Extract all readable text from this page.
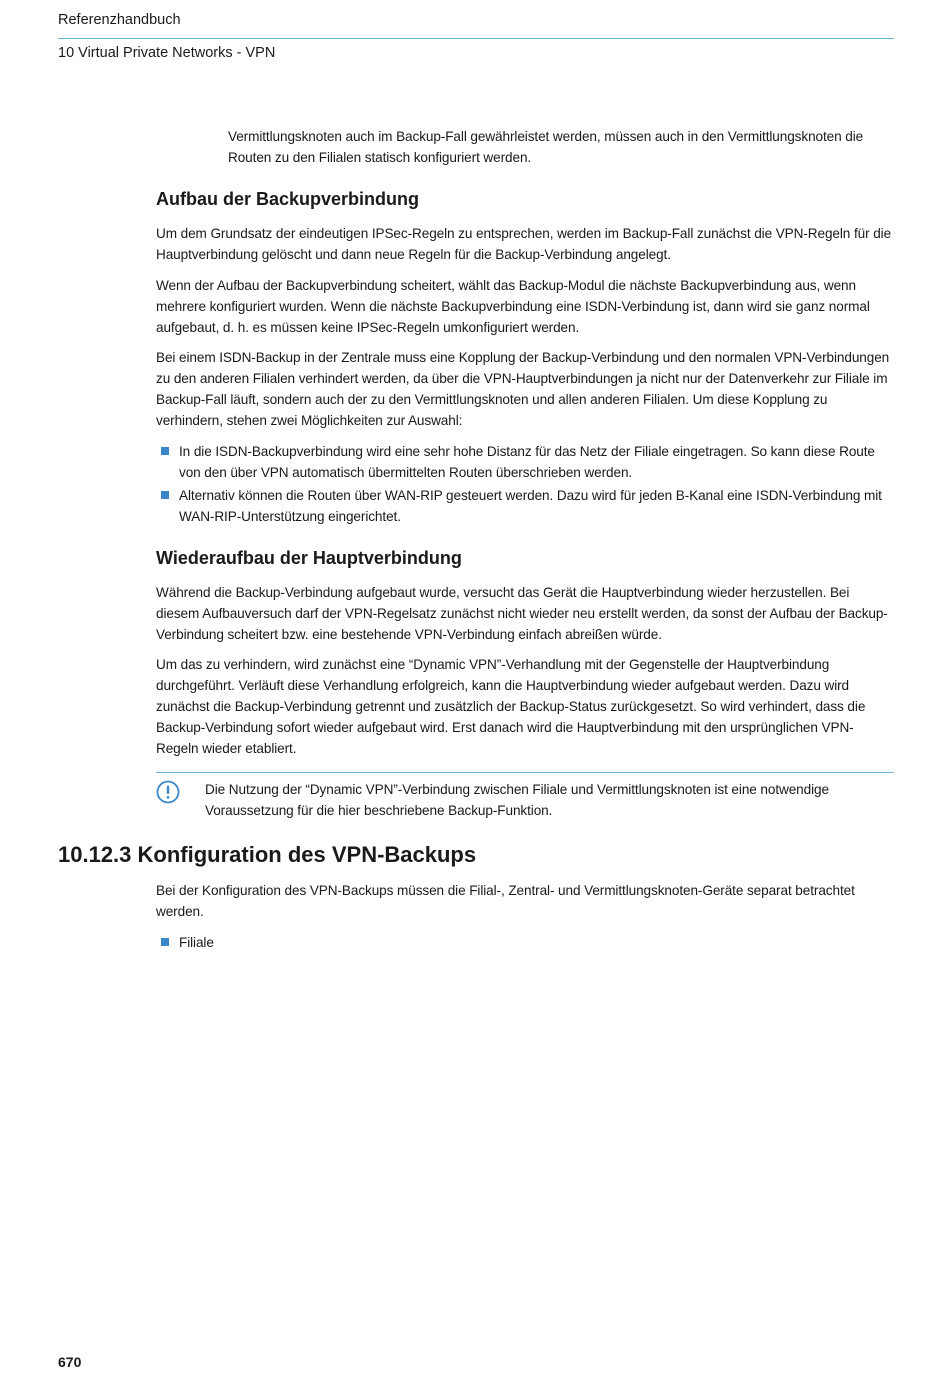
Referenzhandbuch
10 Virtual Private Networks - VPN

Vermittlungsknoten auch im Backup-Fall gewährleistet werden, müssen auch in den Vermittlungsknoten die Routen zu den Filialen statisch konfiguriert werden.

Aufbau der Backupverbindung

Um dem Grundsatz der eindeutigen IPSec-Regeln zu entsprechen, werden im Backup-Fall zunächst die VPN-Regeln für die Hauptverbindung gelöscht und dann neue Regeln für die Backup-Verbindung angelegt.

Wenn der Aufbau der Backupverbindung scheitert, wählt das Backup-Modul die nächste Backupverbindung aus, wenn mehrere konfiguriert wurden. Wenn die nächste Backupverbindung eine ISDN-Verbindung ist, dann wird sie ganz normal aufgebaut, d. h. es müssen keine IPSec-Regeln umkonfiguriert werden.

Bei einem ISDN-Backup in der Zentrale muss eine Kopplung der Backup-Verbindung und den normalen VPN-Verbindungen zu den anderen Filialen verhindert werden, da über die VPN-Hauptverbindungen ja nicht nur der Datenverkehr zur Filiale im Backup-Fall läuft, sondern auch der zu den Vermittlungsknoten und allen anderen Filialen. Um diese Kopplung zu verhindern, stehen zwei Möglichkeiten zur Auswahl:

In die ISDN-Backupverbindung wird eine sehr hohe Distanz für das Netz der Filiale eingetragen. So kann diese Route von den über VPN automatisch übermittelten Routen überschrieben werden.

Alternativ können die Routen über WAN-RIP gesteuert werden. Dazu wird für jeden B-Kanal eine ISDN-Verbindung mit WAN-RIP-Unterstützung eingerichtet.

Wiederaufbau der Hauptverbindung

Während die Backup-Verbindung aufgebaut wurde, versucht das Gerät die Hauptverbindung wieder herzustellen. Bei diesem Aufbauversuch darf der VPN-Regelsatz zunächst nicht wieder neu erstellt werden, da sonst der Aufbau der Backup-Verbindung scheitert bzw. eine bestehende VPN-Verbindung einfach abreißen würde.

Um das zu verhindern, wird zunächst eine “Dynamic VPN”-Verhandlung mit der Gegenstelle der Hauptverbindung durchgeführt. Verläuft diese Verhandlung erfolgreich, kann die Hauptverbindung wieder aufgebaut werden. Dazu wird zunächst die Backup-Verbindung getrennt und zusätzlich der Backup-Status zurückgesetzt. So wird verhindert, dass die Backup-Verbindung sofort wieder aufgebaut wird. Erst danach wird die Hauptverbindung mit den ursprünglichen VPN-Regeln wieder etabliert.

Die Nutzung der “Dynamic VPN”-Verbindung zwischen Filiale und Vermittlungsknoten ist eine notwendige Voraussetzung für die hier beschriebene Backup-Funktion.

10.12.3 Konfiguration des VPN-Backups

Bei der Konfiguration des VPN-Backups müssen die Filial-, Zentral- und Vermittlungsknoten-Geräte separat betrachtet werden.

Filiale

670
